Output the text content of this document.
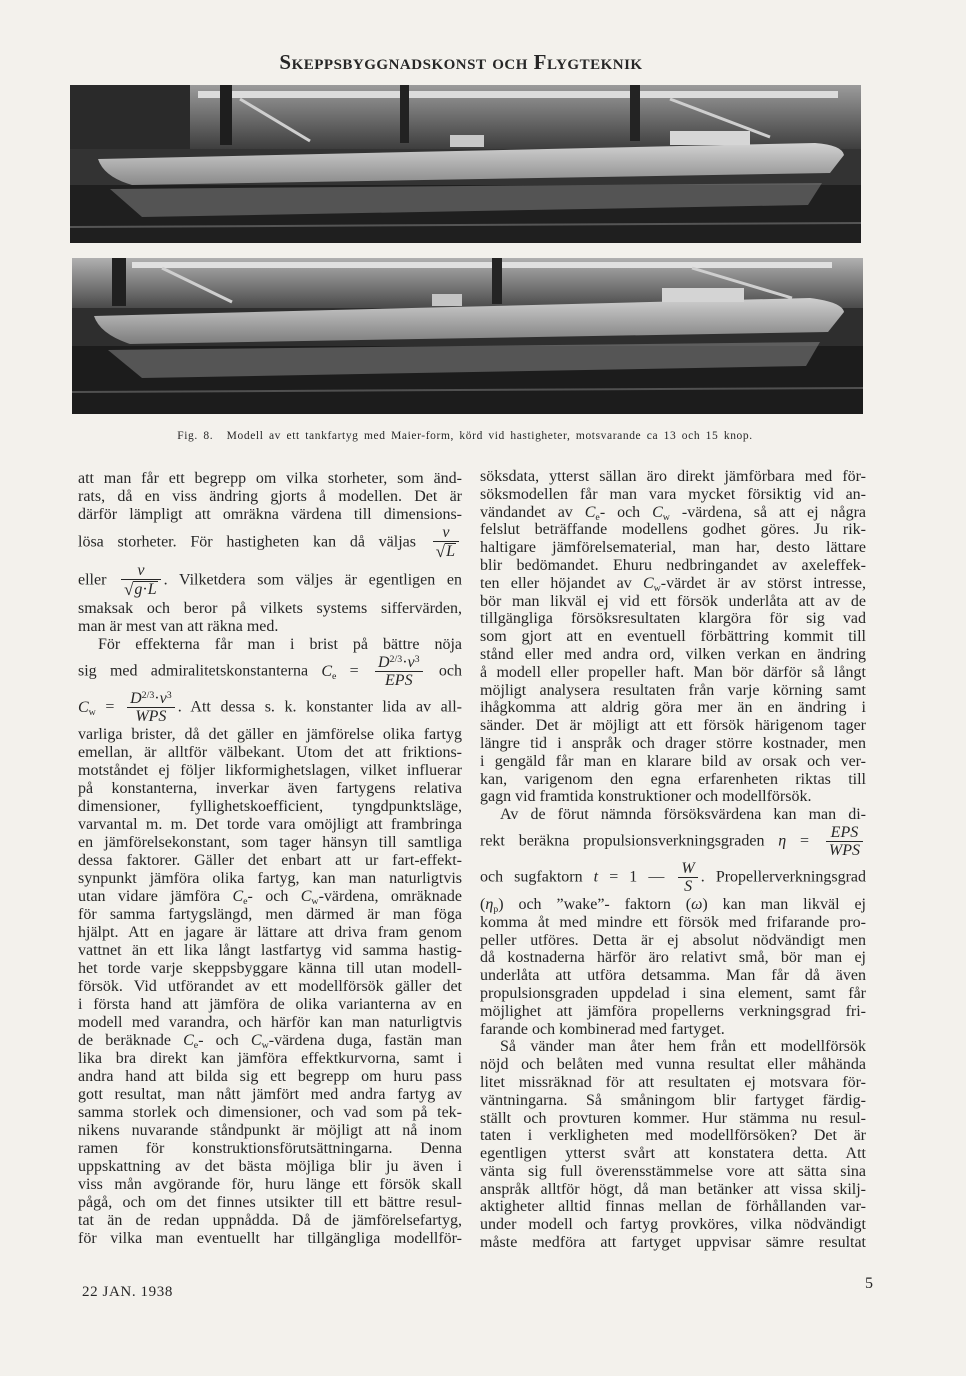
Skeppsbyggnadskonst och Flygteknik
Fig. 8. Modell av ett tankfartyg med Maier-form, körd vid hastigheter, motsvarande ca 13 och 15 knop.
att man får ett begrepp om vilka storheter, som änd-
rats, då en viss ändring gjorts å modellen. Det är
därför lämpligt att omräkna värdena till dimensions-
lösa storheter. För hastigheten kan då väljas $\frac{v}{√ L}$
eller $\frac{v}{√ g\cdot L}$ . Vilketdera som väljes är egentligen en
smaksak och beror på vilkets systems siffervärden,
man är mest van att räkna med.
För effekterna får man i brist på bättre nöja
sig med admiralitetskonstanterna $C_e = \frac{D^{2/3}\cdot v^3}{\text{EPS}}$ och
$C_w = \frac{D^{2/3}\cdot v^3}{\text{WPS}}$ . Att dessa s. k. konstanter lida av all-
varliga brister, då det gäller en jämförelse olika fartyg
emellan, är alltför välbekant. Utom det att friktions-
motståndet ej följer likformighetslagen, vilket influerar
på konstanterna, inverkar även fartygens relativa
dimensioner, fyllighetskoefficient, tyngdpunktsläge,
varvantal m. m. Det torde vara omöjligt att frambringa
en jämförelsekonstant, som tager hänsyn till samtliga
dessa faktorer. Gäller det enbart att ur fart-effekt-
synpunkt jämföra olika fartyg, kan man naturligtvis
utan vidare jämföra $C_e-$ och $C_w$-värdena, omräknade
för samma fartygslängd, men därmed är man föga
hjälpt. Att en jagare är lättare att driva fram genom
vattnet än ett lika långt lastfartyg vid samma hastig-
het torde varje skeppsbyggare känna till utan modell-
försök. Vid utförandet av ett modellförsök gäller det
i första hand att jämföra de olika varianterna av en
modell med varandra, och härför kan man naturligtvis
de beräknade $C_e-$ och $C_w$-värdena duga, fastän man
lika bra direkt kan jämföra effektkurvorna, samt i
andra hand att bilda sig ett begrepp om huru pass
gott resultat, man nått jämfört med andra fartyg av
samma storlek och dimensioner, och vad som på tek-
nikens nuvarande ståndpunkt är möjligt att nå inom
ramen för konstruktionsförutsättningarna. Denna
uppskattning av det bästa möjliga blir ju även i
viss mån avgörande för, huru länge ett försök skall
pågå, och om det finnes utsikter till ett bättre resul-
tat än de redan uppnådda. Då de jämförelsefartyg,
för vilka man eventuellt har tillgängliga modellför-
söksdata, ytterst sällan äro direkt jämförbara med för-
söksmodellen får man vara mycket försiktig vid an-
vändandet av $C_e-$ och $C_w$ -värdena, så att ej några
felslut beträffande modellens godhet göres. Ju rik-
haltigare jämförelsematerial, man har, desto lättare
blir bedömandet. Ehuru nedbringandet av axeleffek-
ten eller höjandet av $C_w$-värdet är av störst intresse,
bör man likväl ej vid ett försök underlåta att av de
tillgängliga försöksresultaten klargöra för sig vad
som gjort att en eventuell förbättring kommit till
stånd eller med andra ord, vilken verkan en ändring
å modell eller propeller haft. Man bör därför så långt
möjligt analysera resultaten från varje körning samt
ihågkomma att aldrig göra mer än en ändring i
sänder. Det är möjligt att ett försök härigenom tager
längre tid i anspråk och drager större kostnader, men
i gengäld får man en klarare bild av orsak och ver-
kan, varigenom den egna erfarenheten riktas till
gagn vid framtida konstruktioner och modellförsök.
Av de förut nämnda försöksvärdena kan man di-
rekt beräkna propulsionsverkningsgraden $\eta = \frac{\text{EPS}}{\text{WPS}}$
och sugfaktorn t = 1 — $\frac{W}{S}$ . Propellerverkningsgrad
$(\eta_p)$ och ”wake”- faktorn (ω) kan man likväl ej
komma åt med mindre ett försök med frifarande pro-
peller utföres. Detta är ej absolut nödvändigt men
då kostnaderna härför äro relativt små, bör man ej
underlåta att utföra detsamma. Man får då även
propulsionsgraden uppdelad i sina element, samt får
möjlighet att jämföra propellerns verkningsgrad fri-
farande och kombinerad med fartyget.
Så vänder man åter hem från ett modellförsök
nöjd och belåten med vunna resultat eller måhända
litet missräknad för att resultaten ej motsvara för-
väntningarna. Så småningom blir fartyget färdig-
ställt och provturen kommer. Hur stämma nu resul-
taten i verkligheten med modellförsöken? Det är
egentligen ytterst svårt att konstatera detta. Att
vänta sig full överensstämmelse vore att sätta sina
anspråk alltför högt, då man betänker att vissa skilj-
aktigheter alltid finnas mellan de förhållanden var-
under modell och fartyg provköres, vilka nödvändigt
måste medföra att fartyget uppvisar sämre resultat
22 JAN. 1938	5
